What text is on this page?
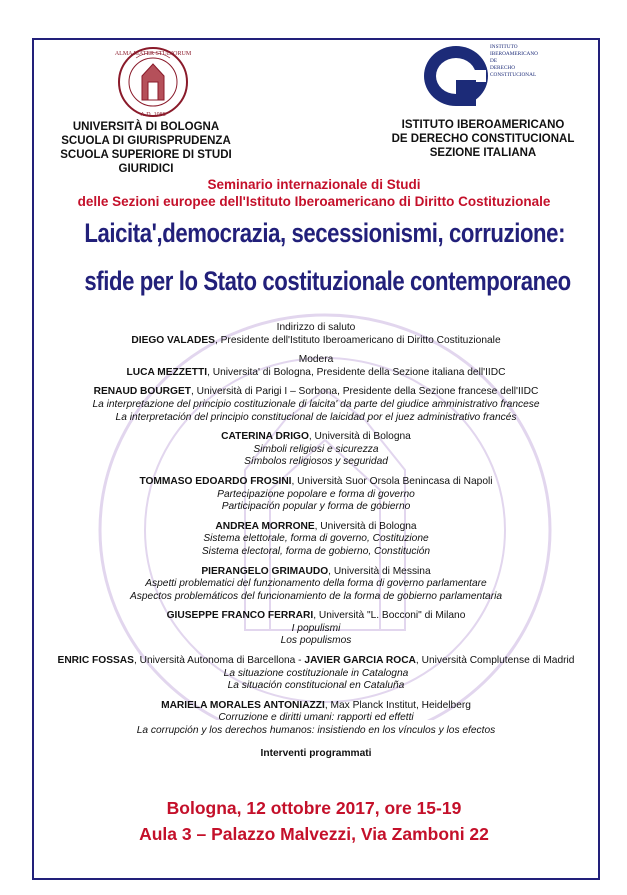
ALMA MATER STUDIORUM
A.D. 1088
INSTITUTO
IBEROAMERICANO
DE
DERECHO
CONSTITUCIONAL
UNIVERSITÀ DI BOLOGNA
SCUOLA DI GIURISPRUDENZA
SCUOLA SUPERIORE DI STUDI GIURIDICI
ISTITUTO IBEROAMERICANO
DE DERECHO CONSTITUCIONAL
SEZIONE ITALIANA
Seminario internazionale di Studi
delle Sezioni europee dell'Istituto Iberoamericano di Diritto Costituzionale
Laicita',democrazia, secessionismi, corruzione:
sfide per lo Stato costituzionale contemporaneo
Indirizzo di saluto
DIEGO VALADES, Presidente dell'Istituto Iberoamericano di Diritto Costituzionale
Modera
LUCA MEZZETTI, Universita' di Bologna, Presidente della Sezione italiana dell'IIDC
RENAUD BOURGET, Università di Parigi I – Sorbona, Presidente della Sezione francese dell'IIDC
La interpretazione del principio costituzionale di laicita' da parte del giudice amministrativo francese
La interpretación del principio constitucional de laicidad por el juez administrativo francés
CATERINA DRIGO, Università di Bologna
Simboli religiosi e sicurezza
Símbolos religiosos y seguridad
TOMMASO EDOARDO FROSINI, Università Suor Orsola Benincasa di Napoli
Partecipazione popolare e forma di governo
Participación popular y forma de gobierno
ANDREA MORRONE, Università di Bologna
Sistema elettorale, forma di governo, Costituzione
Sistema electoral, forma de gobierno, Constitución
PIERANGELO GRIMAUDO, Università di Messina
Aspetti problematici del funzionamento della forma di governo parlamentare
Aspectos problemáticos del funcionamiento de la forma de gobierno parlamentaria
GIUSEPPE FRANCO FERRARI, Università "L. Bocconi" di Milano
I populismi
Los populismos
ENRIC FOSSAS, Università Autonoma di Barcellona - JAVIER GARCIA ROCA, Università Complutense di Madrid
La situazione costituzionale in Catalogna
La situación constitucional en Cataluña
MARIELA MORALES ANTONIAZZI, Max Planck Institut, Heidelberg
Corruzione e diritti umani: rapporti ed effetti
La corrupción y los derechos humanos: insistiendo en los vínculos y los efectos
Interventi programmati
Bologna, 12 ottobre 2017, ore 15-19
Aula 3 – Palazzo Malvezzi, Via Zamboni 22
